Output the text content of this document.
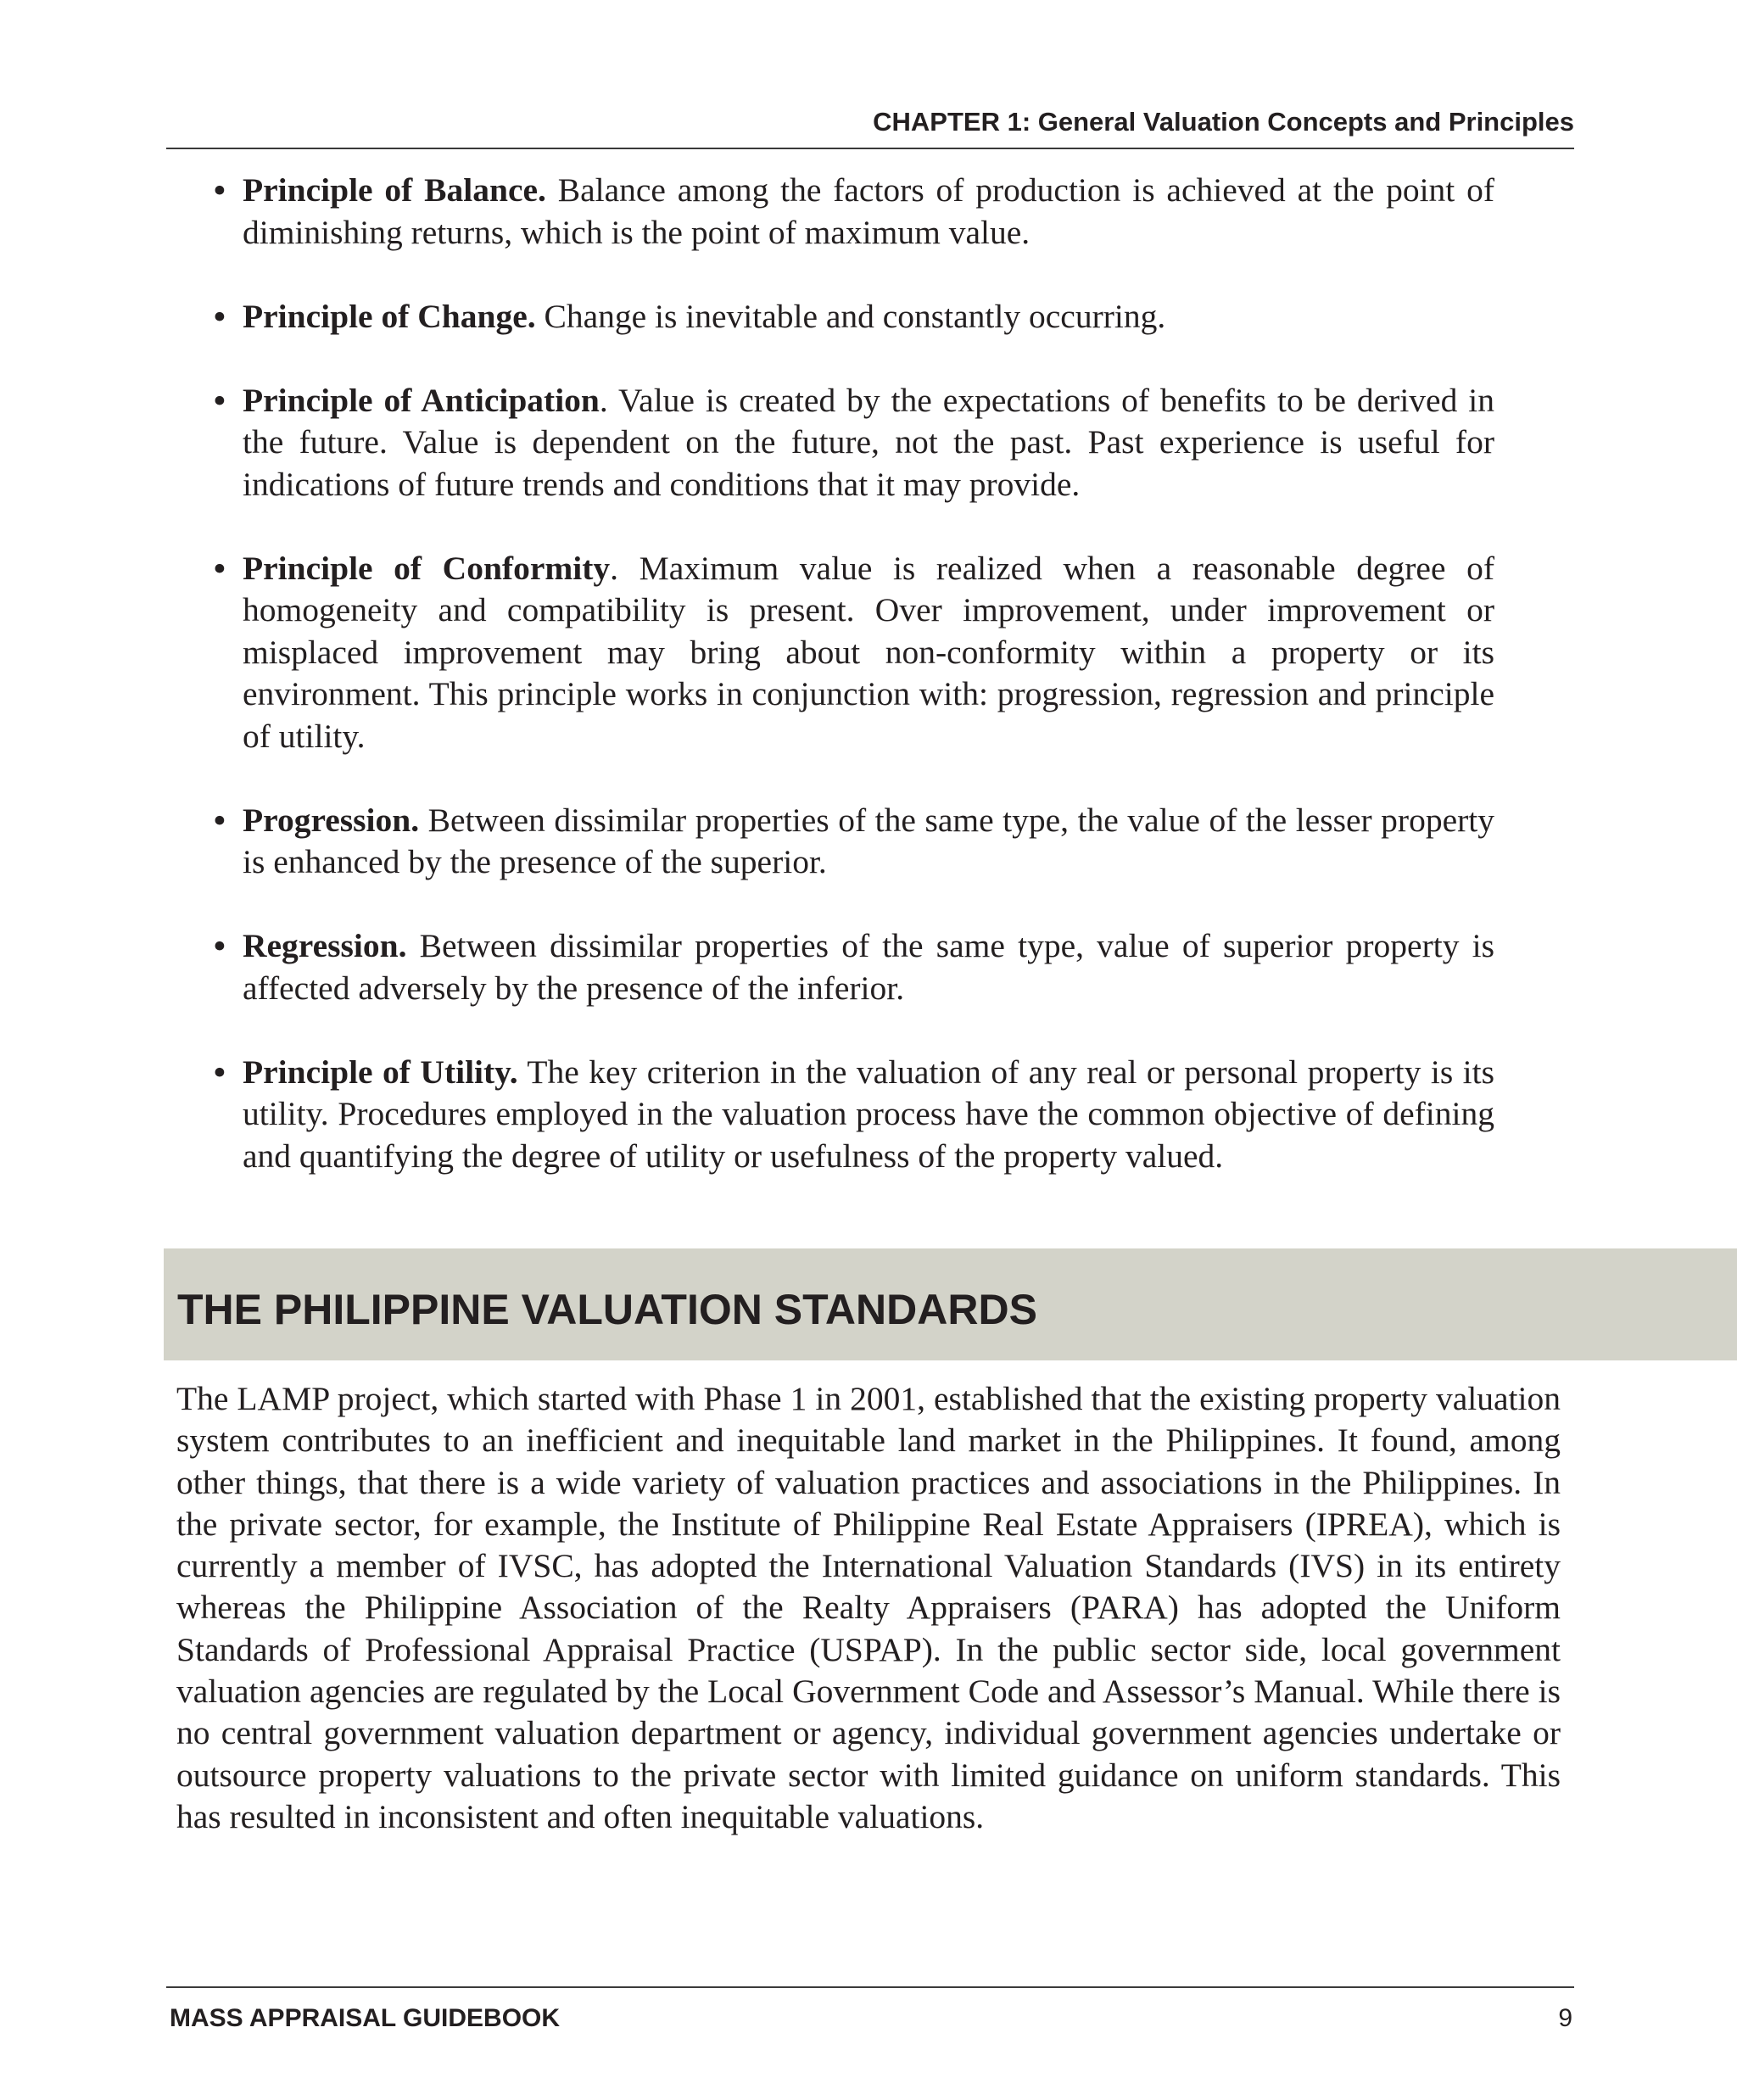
CHAPTER 1: General Valuation Concepts and Principles
• Principle of Balance. Balance among the factors of production is achieved at the point of diminishing returns, which is the point of maximum value.
• Principle of Change. Change is inevitable and constantly occurring.
• Principle of Anticipation. Value is created by the expectations of benefits to be derived in the future. Value is dependent on the future, not the past. Past experience is useful for indications of future trends and conditions that it may provide.
• Principle of Conformity. Maximum value is realized when a reasonable degree of homogeneity and compatibility is present. Over improvement, under improvement or misplaced improvement may bring about non-conformity within a property or its environment. This principle works in conjunction with: progression, regression and principle of utility.
• Progression. Between dissimilar properties of the same type, the value of the lesser property is enhanced by the presence of the superior.
• Regression. Between dissimilar properties of the same type, value of superior property is affected adversely by the presence of the inferior.
• Principle of Utility. The key criterion in the valuation of any real or personal property is its utility. Procedures employed in the valuation process have the common objective of defining and quantifying the degree of utility or usefulness of the property valued.
THE PHILIPPINE VALUATION STANDARDS

The LAMP project, which started with Phase 1 in 2001, established that the existing property valuation system contributes to an inefficient and inequitable land market in the Philippines. It found, among other things, that there is a wide variety of valuation practices and associations in the Philippines. In the private sector, for example, the Institute of Philippine Real Estate Appraisers (IPREA), which is currently a member of IVSC, has adopted the International Valuation Standards (IVS) in its entirety whereas the Philippine Association of the Realty Appraisers (PARA) has adopted the Uniform Standards of Professional Appraisal Practice (USPAP). In the public sector side, local government valuation agencies are regulated by the Local Government Code and Assessor’s Manual. While there is no central government valuation department or agency, individual government agencies undertake or outsource property valuations to the private sector with limited guidance on uniform standards. This has resulted in inconsistent and often inequitable valuations.

MASS APPRAISAL GUIDEBOOK	9
